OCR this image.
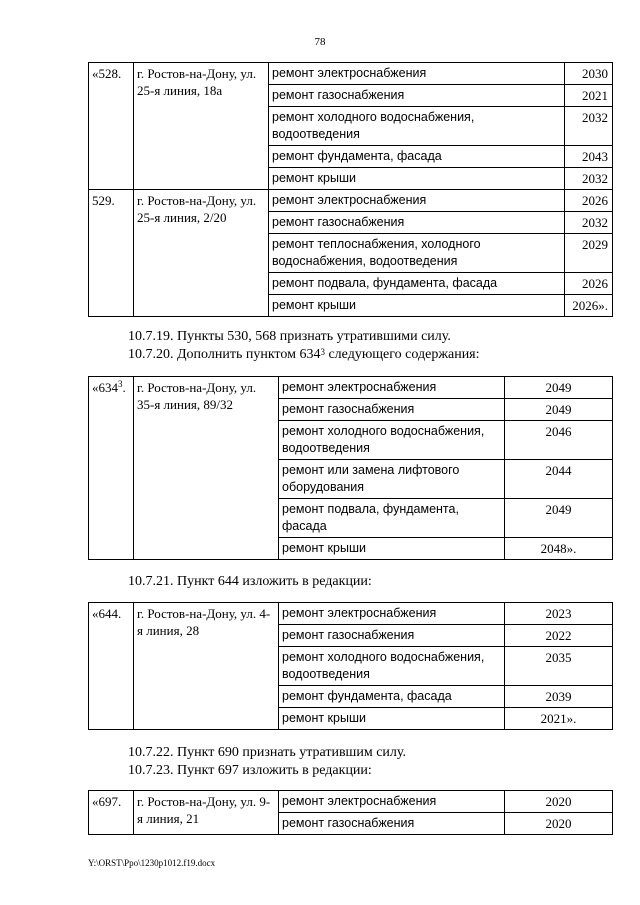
78
«528.	г. Ростов-на-Дону, ул. 25-я линия, 18а	ремонт электроснабжения	2030
		ремонт газоснабжения	2021
		ремонт холодного водоснабжения, водоотведения	2032
		ремонт фундамента, фасада	2043
		ремонт крыши	2032
529.	г. Ростов-на-Дону, ул. 25-я линия, 2/20	ремонт электроснабжения	2026
		ремонт газоснабжения	2032
		ремонт теплоснабжения, холодного водоснабжения, водоотведения	2029
		ремонт подвала, фундамента, фасада	2026
		ремонт крыши	2026».
10.7.19. Пункты 530, 568 признать утратившими силу.
10.7.20. Дополнить пунктом $634^3$ следующего содержания:
«$634^3$.	г. Ростов-на-Дону, ул. 35-я линия, 89/32	ремонт электроснабжения	2049
		ремонт газоснабжения	2049
		ремонт холодного водоснабжения, водоотведения	2046
		ремонт или замена лифтового оборудования	2044
		ремонт подвала, фундамента, фасада	2049
		ремонт крыши	2048».
10.7.21. Пункт 644 изложить в редакции:
«644.	г. Ростов-на-Дону, ул. 4-я линия, 28	ремонт электроснабжения	2023
		ремонт газоснабжения	2022
		ремонт холодного водоснабжения, водоотведения	2035
		ремонт фундамента, фасада	2039
		ремонт крыши	2021».
10.7.22. Пункт 690 признать утратившим силу.
10.7.23. Пункт 697 изложить в редакции:
«697.	г. Ростов-на-Дону, ул. 9-я линия, 21	ремонт электроснабжения	2020
		ремонт газоснабжения	2020
Y:\ORST\Ppo\1230p1012.f19.docx
